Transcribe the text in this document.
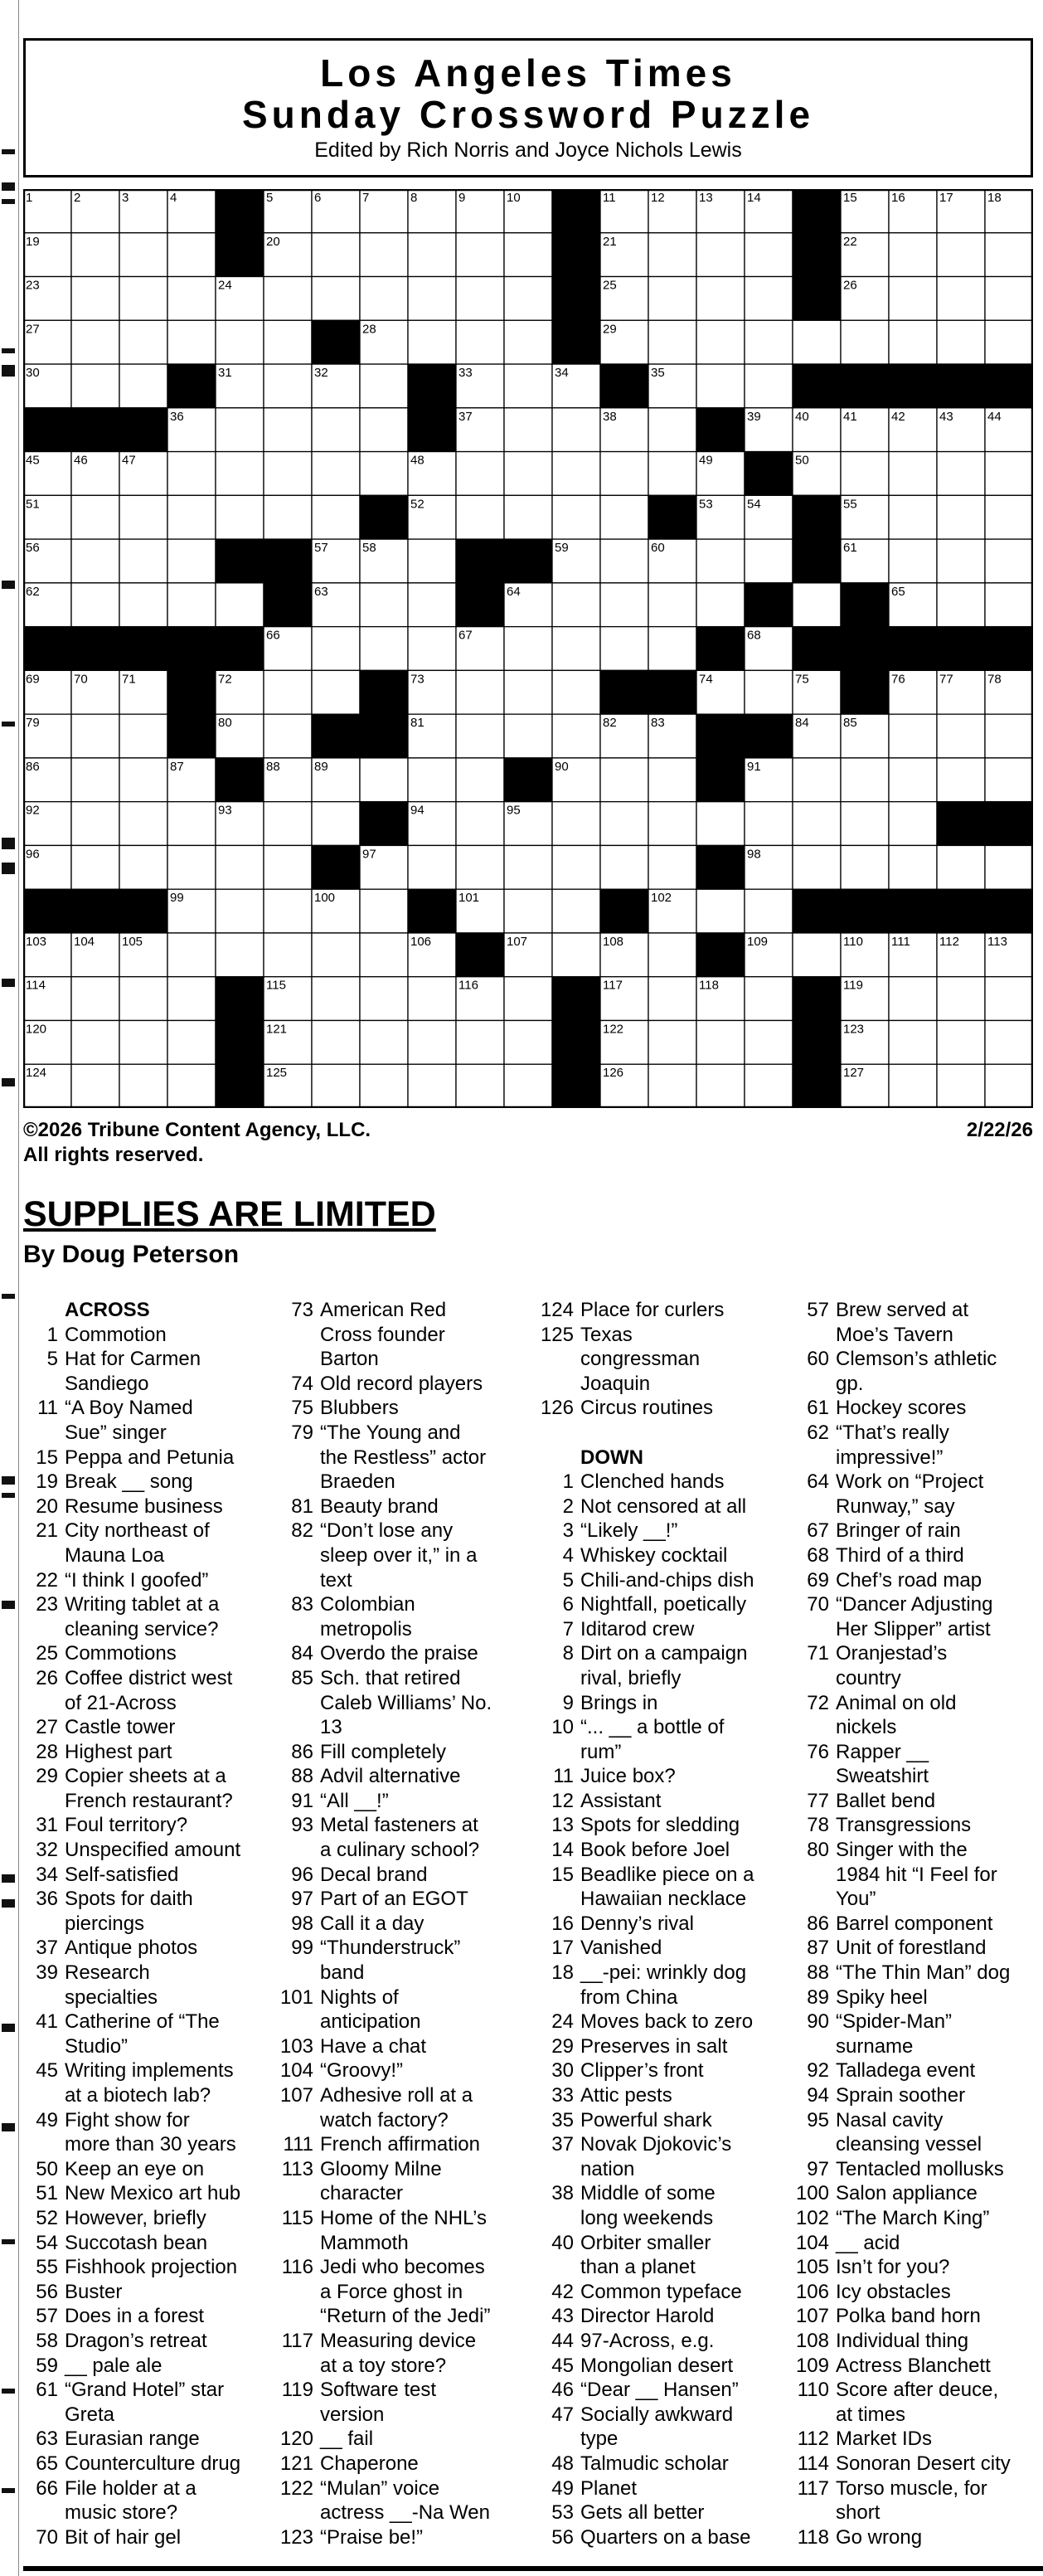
Los Angeles Times
Sunday Crossword Puzzle
Edited by Rich Norris and Joyce Nichols Lewis
1	2	3	4	5	6	7	8	9	10	11	12	13	14	15	16	17	18
19	20	21	22
23	24	25	26
27	28	29
30	31	32	33	34	35
36	37	38	39	40	41	42	43	44
45	46	47	48	49	50
51	52	53	54	55
56	57	58	59	60	61
62	63	64	65
66	67	68
69	70	71	72	73	74	75	76	77	78
79	80	81	82	83	84	85
86	87	88	89	90	91
92	93	94	95
96	97	98
99	100	101	102
103 104 105	106	107	108	109	110 111 112 113
114	115	116	117	118	119
120	121	122	123
124	125	126	127
©2026 Tribune Content Agency, LLC.
All rights reserved.
2/22/26
SUPPLIES ARE LIMITED
By Doug Peterson
ACROSS
1 Commotion
5 Hat for Carmen
Sandiego
11 “A Boy Named
Sue” singer
15 Peppa and Petunia
19 Break __ song
20 Resume business
21 City northeast of
Mauna Loa
22 “I think I goofed”
23 Writing tablet at a
cleaning service?
25 Commotions
26 Coffee district west
of 21-Across
27 Castle tower
28 Highest part
29 Copier sheets at a
French restaurant?
31 Foul territory?
32 Unspecified amount
34 Self-satisfied
36 Spots for daith
piercings
37 Antique photos
39 Research
specialties
41 Catherine of “The
Studio”
45 Writing implements
at a biotech lab?
49 Fight show for
more than 30 years
50 Keep an eye on
51 New Mexico art hub
52 However, briefly
54 Succotash bean
55 Fishhook projection
56 Buster
57 Does in a forest
58 Dragon’s retreat
59 __ pale ale
61 “Grand Hotel” star
Greta
63 Eurasian range
65 Counterculture drug
66 File holder at a
music store?
70 Bit of hair gel
73 American Red
Cross founder
Barton
74 Old record players
75 Blubbers
79 “The Young and
the Restless” actor
Braeden
81 Beauty brand
82 “Don’t lose any
sleep over it,” in a
text
83 Colombian
metropolis
84 Overdo the praise
85 Sch. that retired
Caleb Williams’ No.
13
86 Fill completely
88 Advil alternative
91 “All __!”
93 Metal fasteners at
a culinary school?
96 Decal brand
97 Part of an EGOT
98 Call it a day
99 “Thunderstruck”
band
101 Nights of
anticipation
103 Have a chat
104 “Groovy!”
107 Adhesive roll at a
watch factory?
111 French affirmation
113 Gloomy Milne
character
115 Home of the NHL’s
Mammoth
116 Jedi who becomes
a Force ghost in
“Return of the Jedi”
117 Measuring device
at a toy store?
119 Software test
version
120 __ fail
121 Chaperone
122 “Mulan” voice
actress __-Na Wen
123 “Praise be!”
124 Place for curlers
125 Texas
congressman
Joaquin
126 Circus routines
DOWN
1 Clenched hands
2 Not censored at all
3 “Likely __!”
4 Whiskey cocktail
5 Chili-and-chips dish
6 Nightfall, poetically
7 Iditarod crew
8 Dirt on a campaign
rival, briefly
9 Brings in
10 “... __ a bottle of
rum”
11 Juice box?
12 Assistant
13 Spots for sledding
14 Book before Joel
15 Beadlike piece on a
Hawaiian necklace
16 Denny’s rival
17 Vanished
18 __-pei: wrinkly dog
from China
24 Moves back to zero
29 Preserves in salt
30 Clipper’s front
33 Attic pests
35 Powerful shark
37 Novak Djokovic’s
nation
38 Middle of some
long weekends
40 Orbiter smaller
than a planet
42 Common typeface
43 Director Harold
44 97-Across, e.g.
45 Mongolian desert
46 “Dear __ Hansen”
47 Socially awkward
type
48 Talmudic scholar
49 Planet
53 Gets all better
56 Quarters on a base
57 Brew served at
Moe’s Tavern
60 Clemson’s athletic
gp.
61 Hockey scores
62 “That’s really
impressive!”
64 Work on “Project
Runway,” say
67 Bringer of rain
68 Third of a third
69 Chef’s road map
70 “Dancer Adjusting
Her Slipper” artist
71 Oranjestad’s
country
72 Animal on old
nickels
76 Rapper __
Sweatshirt
77 Ballet bend
78 Transgressions
80 Singer with the
1984 hit “I Feel for
You”
86 Barrel component
87 Unit of forestland
88 “The Thin Man” dog
89 Spiky heel
90 “Spider-Man”
surname
92 Talladega event
94 Sprain soother
95 Nasal cavity
cleansing vessel
97 Tentacled mollusks
100 Salon appliance
102 “The March King”
104 __ acid
105 Isn’t for you?
106 Icy obstacles
107 Polka band horn
108 Individual thing
109 Actress Blanchett
110 Score after deuce,
at times
112 Market IDs
114 Sonoran Desert city
117 Torso muscle, for
short
118 Go wrong
